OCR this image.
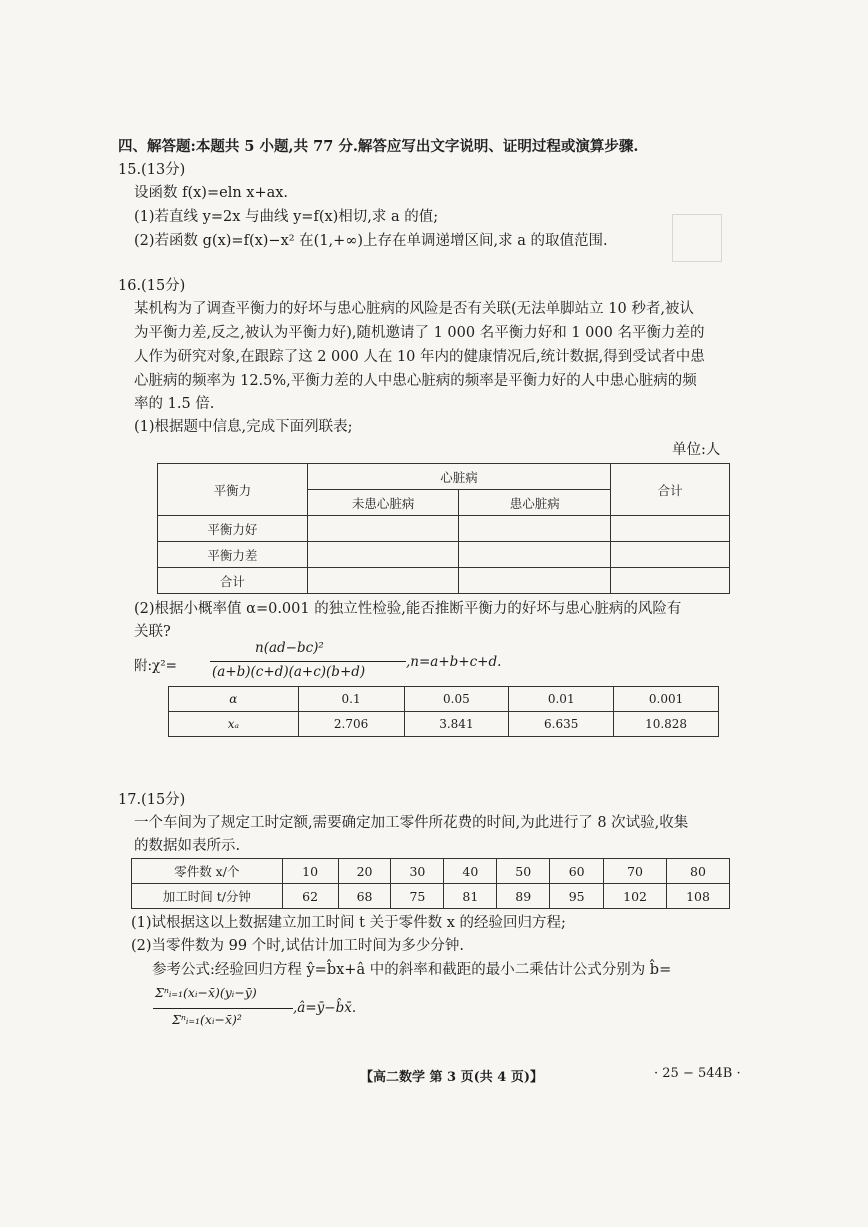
四、解答题:本题共 5 小题,共 77 分.解答应写出文字说明、证明过程或演算步骤.
15.(13分)
设函数 f(x)=eln x+ax.
(1)若直线 y=2x 与曲线 y=f(x)相切,求 a 的值;
(2)若函数 g(x)=f(x)−x² 在(1,+∞)上存在单调递增区间,求 a 的取值范围.
16.(15分)
某机构为了调查平衡力的好坏与患心脏病的风险是否有关联(无法单脚站立 10 秒者,被认
为平衡力差,反之,被认为平衡力好),随机邀请了 1 000 名平衡力好和 1 000 名平衡力差的
人作为研究对象,在跟踪了这 2 000 人在 10 年内的健康情况后,统计数据,得到受试者中患
心脏病的频率为 12.5%,平衡力差的人中患心脏病的频率是平衡力好的人中患心脏病的频
率的 1.5 倍.
(1)根据题中信息,完成下面列联表;
单位:人
平衡力	心脏病		合计
	未患心脏病	患心脏病	
平衡力好			
平衡力差			
合计			
(2)根据小概率值 α=0.001 的独立性检验,能否推断平衡力的好坏与患心脏病的风险有
关联?
附:χ²=
n(ad−bc)²
(a+b)(c+d)(a+c)(b+d)
,n=a+b+c+d.
α	0.1	0.05	0.01	0.001
xₐ	2.706	3.841	6.635	10.828
17.(15分)
一个车间为了规定工时定额,需要确定加工零件所花费的时间,为此进行了 8 次试验,收集
的数据如表所示.
零件数 x/个	10	20	30	40	50	60	70	80
加工时间 t/分钟	62	68	75	81	89	95	102	108
(1)试根据这以上数据建立加工时间 t 关于零件数 x 的经验回归方程;
(2)当零件数为 99 个时,试估计加工时间为多少分钟.
参考公式:经验回归方程 ŷ=b̂x+â 中的斜率和截距的最小二乘估计公式分别为 b̂=
Σⁿᵢ₌₁(xᵢ−x̄)(yᵢ−ȳ)
Σⁿᵢ₌₁(xᵢ−x̄)²
,â=ȳ−b̂x̄.
【高二数学 第 3 页(共 4 页)】	· 25 − 544B ·
